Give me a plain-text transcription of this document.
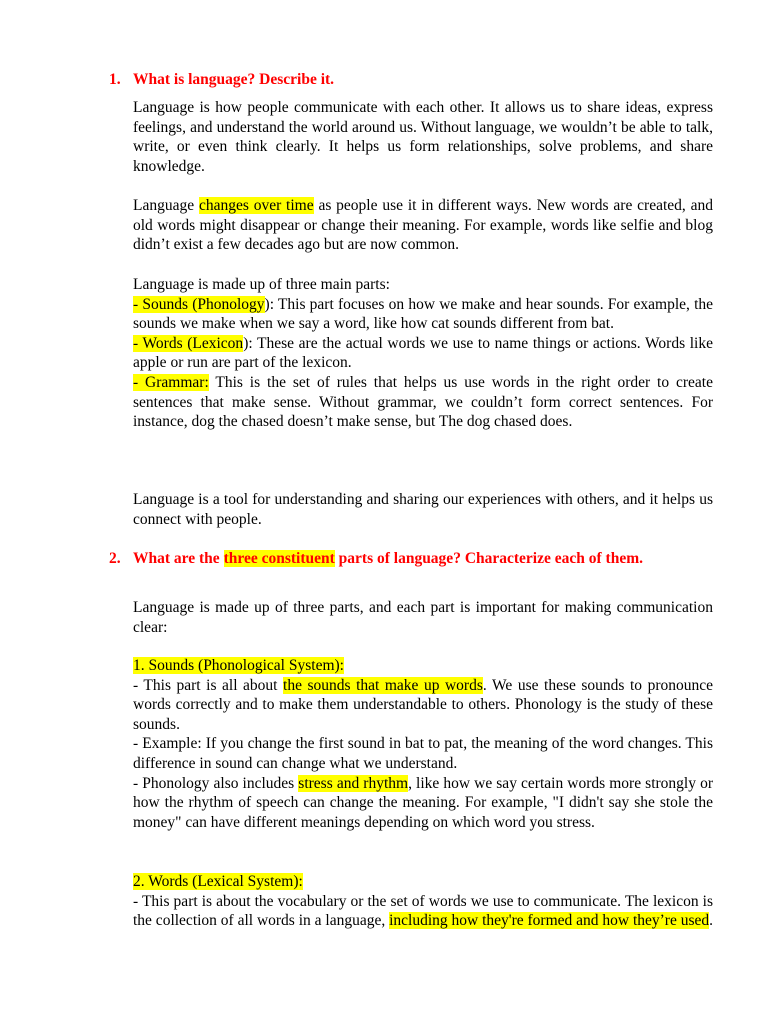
1. What is language? Describe it.
Language is how people communicate with each other. It allows us to share ideas, express feelings, and understand the world around us. Without language, we wouldn’t be able to talk, write, or even think clearly. It helps us form relationships, solve problems, and share knowledge.
Language changes over time as people use it in different ways. New words are created, and old words might disappear or change their meaning. For example, words like selfie and blog didn’t exist a few decades ago but are now common.
Language is made up of three main parts:
- Sounds (Phonology): This part focuses on how we make and hear sounds. For example, the sounds we make when we say a word, like how cat sounds different from bat.
- Words (Lexicon): These are the actual words we use to name things or actions. Words like apple or run are part of the lexicon.
- Grammar: This is the set of rules that helps us use words in the right order to create sentences that make sense. Without grammar, we couldn’t form correct sentences. For instance, dog the chased doesn’t make sense, but The dog chased does.
Language is a tool for understanding and sharing our experiences with others, and it helps us connect with people.
2. What are the three constituent parts of language? Characterize each of them.
Language is made up of three parts, and each part is important for making communication clear:
1. Sounds (Phonological System):
- This part is all about the sounds that make up words. We use these sounds to pronounce words correctly and to make them understandable to others. Phonology is the study of these sounds.
- Example: If you change the first sound in bat to pat, the meaning of the word changes. This difference in sound can change what we understand.
- Phonology also includes stress and rhythm, like how we say certain words more strongly or how the rhythm of speech can change the meaning. For example, "I didn't say she stole the money" can have different meanings depending on which word you stress.
2. Words (Lexical System):
- This part is about the vocabulary or the set of words we use to communicate. The lexicon is the collection of all words in a language, including how they're formed and how they’re used.
